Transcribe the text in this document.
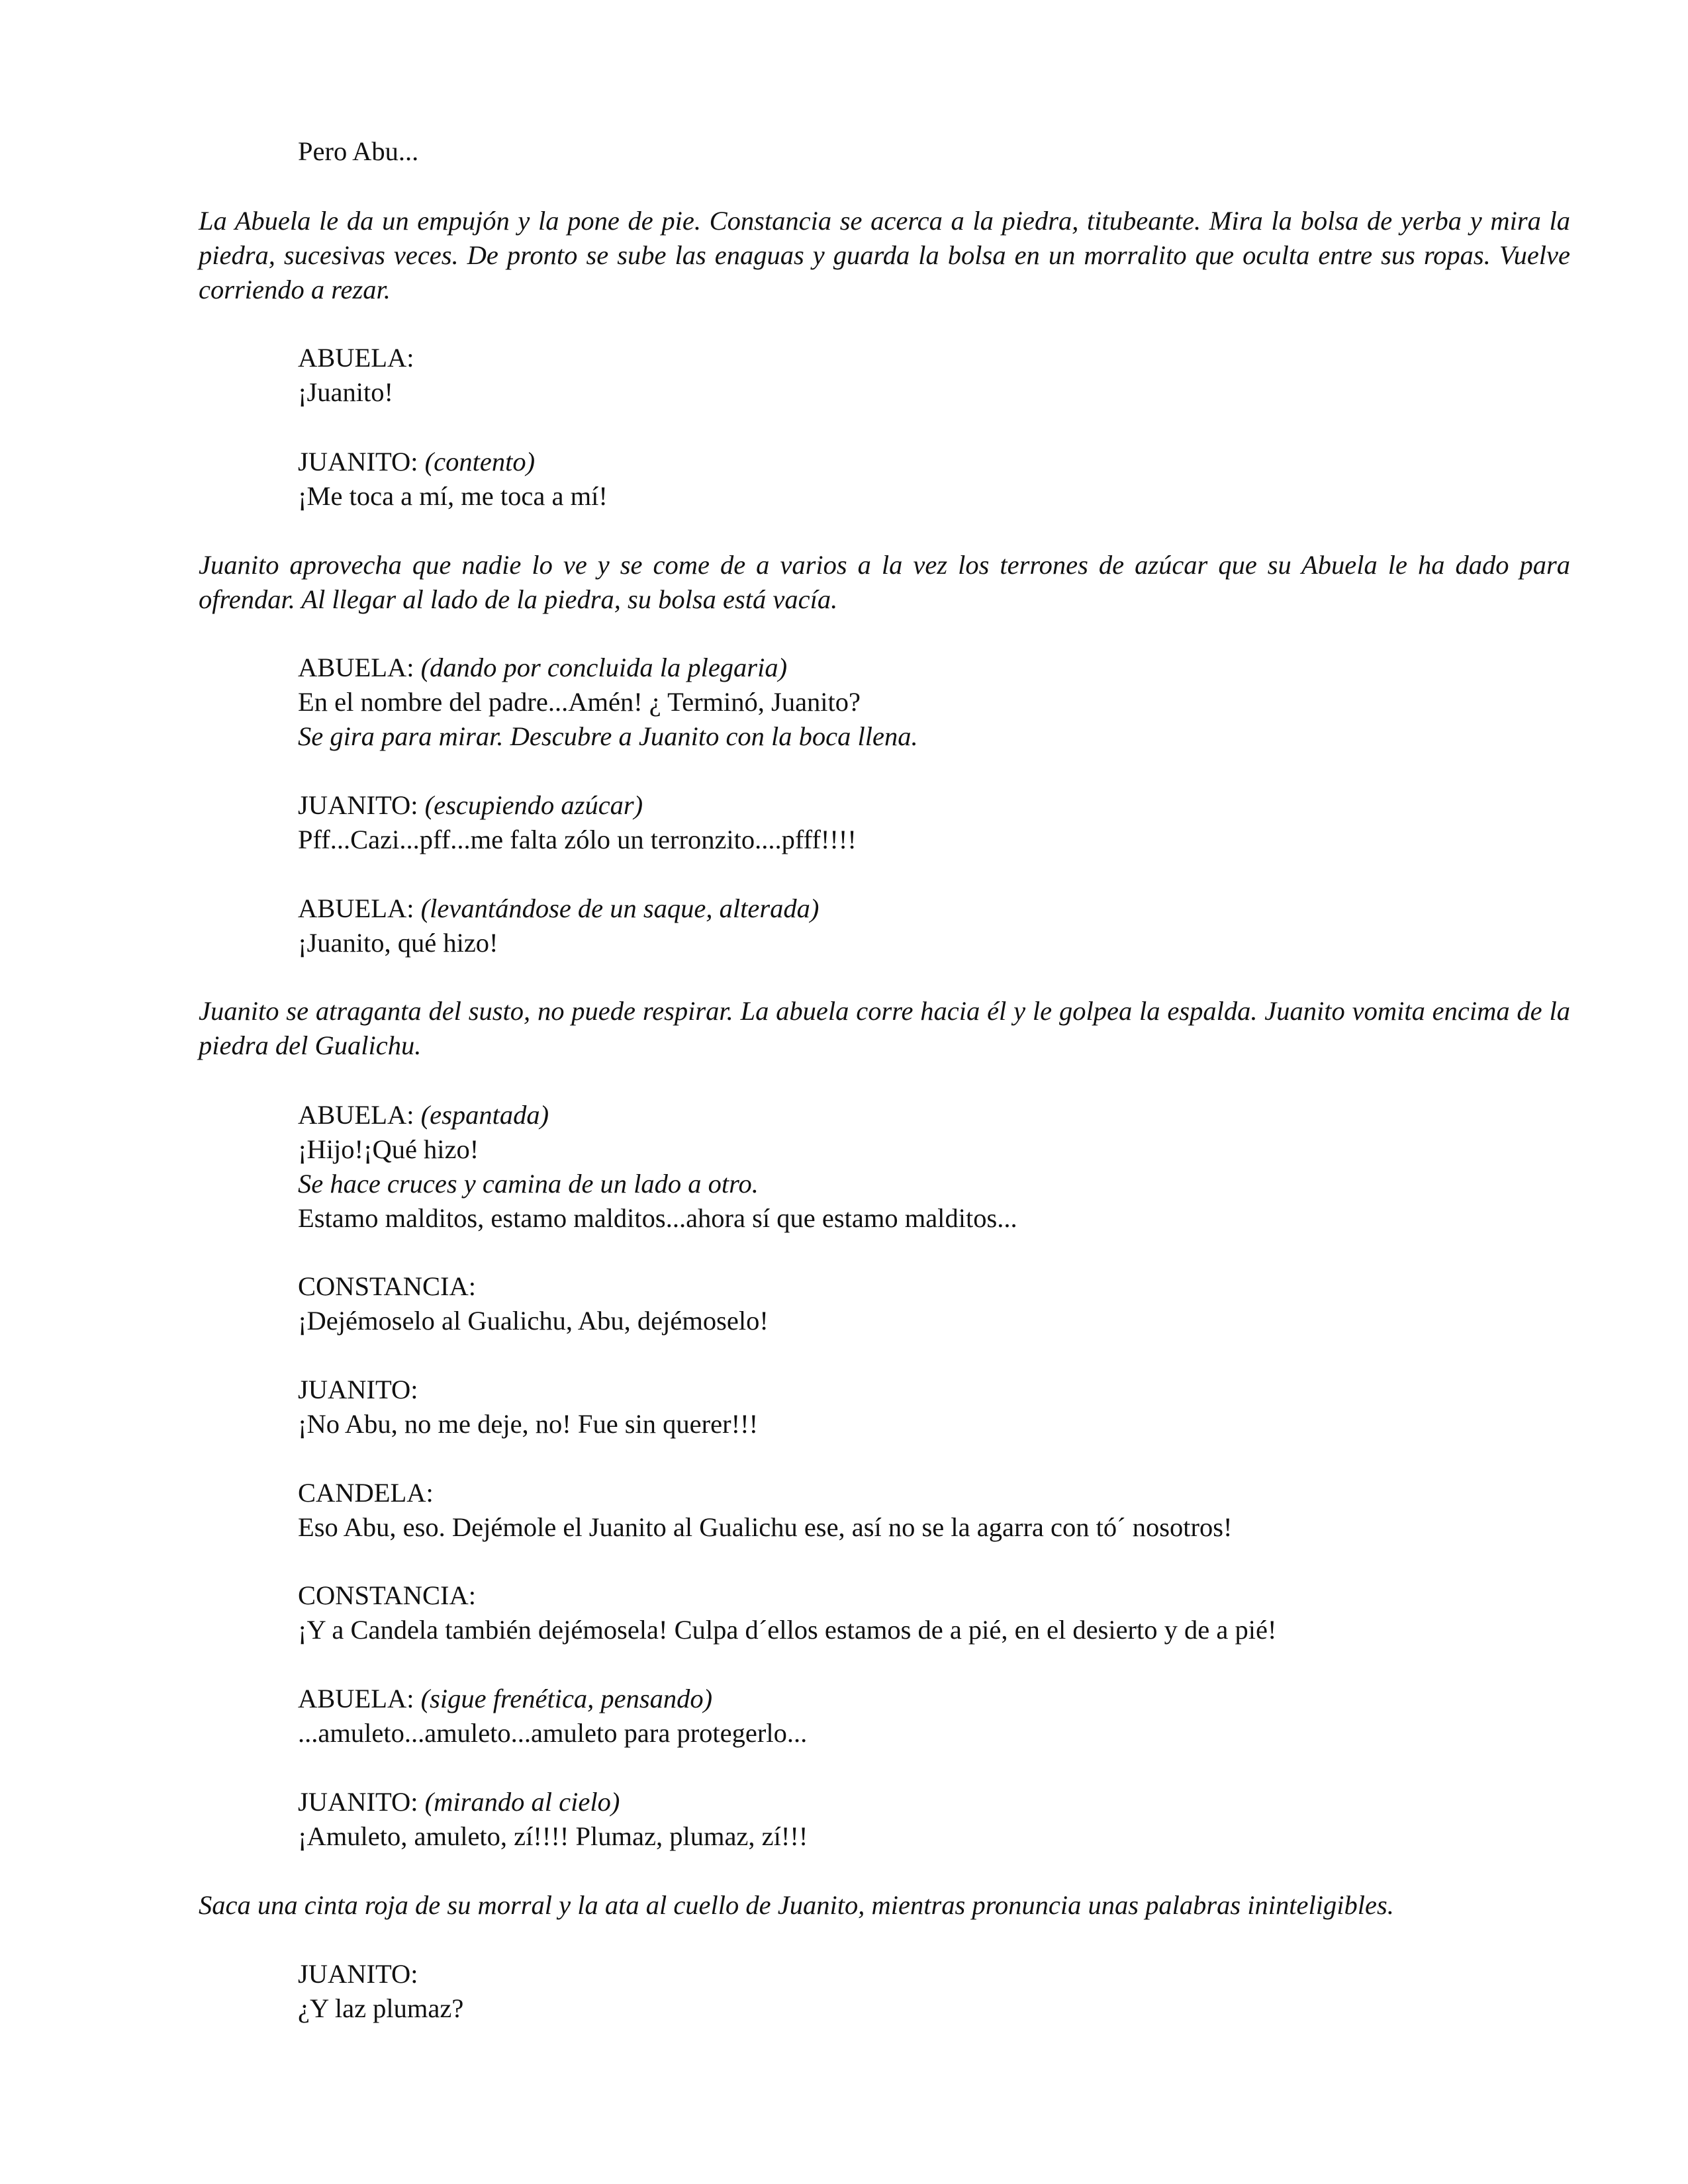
Pero Abu...
La Abuela le da un empujón y la pone de pie. Constancia se acerca a la piedra, titubeante. Mira la bolsa de yerba y mira la piedra, sucesivas veces. De pronto se sube las enaguas y guarda la bolsa en un morralito que oculta entre sus ropas. Vuelve corriendo a rezar.
ABUELA:
¡Juanito!
JUANITO: (contento)
¡Me toca a mí, me toca a mí!
Juanito aprovecha que nadie lo ve y se come de a varios a la vez los terrones de azúcar que su Abuela le ha dado para ofrendar. Al llegar al lado de la piedra, su bolsa está vacía.
ABUELA: (dando por concluida la plegaria)
En el nombre del padre...Amén! ¿ Terminó, Juanito?
Se gira para mirar. Descubre a Juanito con la boca llena.
JUANITO: (escupiendo azúcar)
Pff...Cazi...pff...me falta zólo un terronzito....pfff!!!!
ABUELA: (levantándose de un saque, alterada)
¡Juanito, qué hizo!
Juanito se atraganta del susto, no puede respirar. La abuela corre hacia él y le golpea la espalda. Juanito vomita encima de la piedra del Gualichu.
ABUELA: (espantada)
¡Hijo!¡Qué hizo!
Se hace cruces y camina de un lado a otro.
Estamo malditos, estamo malditos...ahora sí que estamo malditos...
CONSTANCIA:
¡Dejémoselo al Gualichu, Abu, dejémoselo!
JUANITO:
¡No Abu, no me deje, no! Fue sin querer!!!
CANDELA:
Eso Abu, eso. Dejémole el Juanito al Gualichu ese, así no se la agarra con tó´ nosotros!
CONSTANCIA:
¡Y a Candela también dejémosela! Culpa d´ellos estamos de a pié, en el desierto y de a pié!
ABUELA: (sigue frenética, pensando)
...amuleto...amuleto...amuleto para protegerlo...
JUANITO: (mirando al cielo)
¡Amuleto, amuleto, zí!!!! Plumaz, plumaz, zí!!!
Saca una cinta roja de su morral y la ata al cuello de Juanito, mientras pronuncia unas palabras ininteligibles.
JUANITO:
¿Y laz plumaz?
